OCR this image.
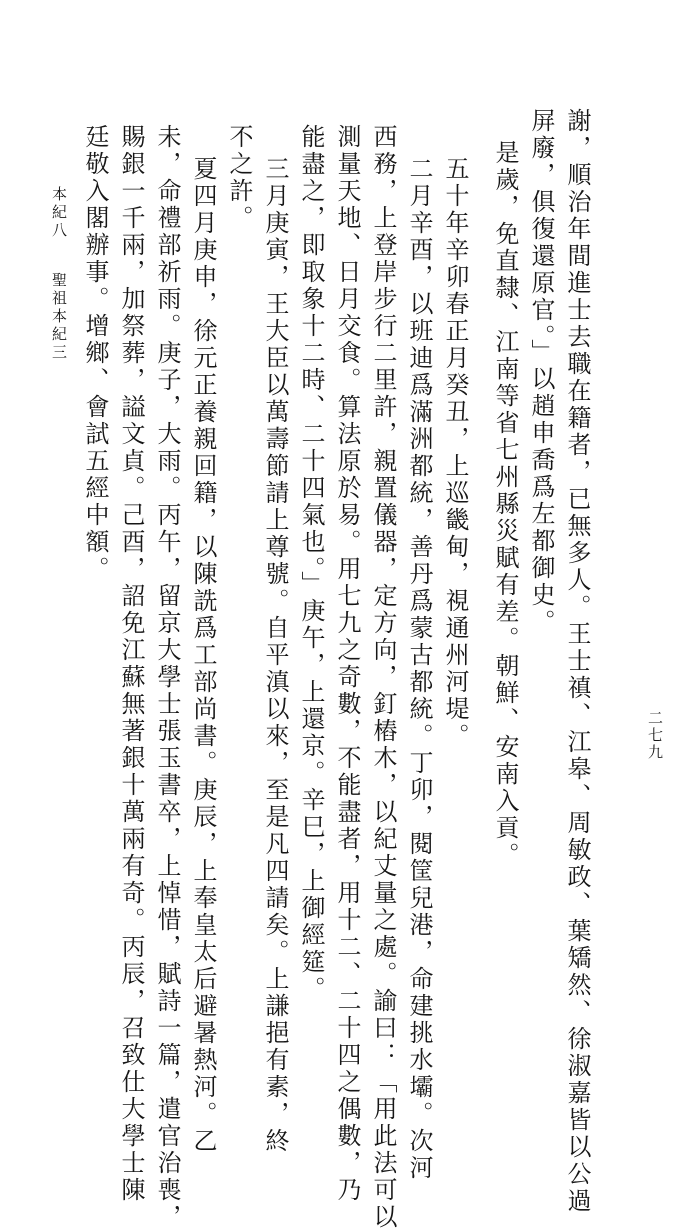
二七九
謝，順治年間進士去職在籍者，已無多人。王士禛、江皋、周敏政、葉矯然、徐淑嘉皆以公過
屏廢，俱復還原官。」以趙申喬爲左都御史。
是歲，免直隸、江南等省七州縣災賦有差。朝鮮、安南入貢。
五十年辛卯春正月癸丑，上巡畿甸，視通州河堤。
二月辛酉，以班迪爲滿洲都統，善丹爲蒙古都統。丁卯，閱筐兒港，命建挑水壩。次河
西務，上登岸步行二里許，親置儀器，定方向，釘樁木，以紀丈量之處。諭曰：「用此法可以
測量天地、日月交食。算法原於易。用七九之奇數，不能盡者，用十二、二十四之偶數，乃
能盡之，即取象十二時、二十四氣也。」庚午，上還京。辛巳，上御經筵。
三月庚寅，王大臣以萬壽節請上尊號。自平滇以來，至是凡四請矣。上謙挹有素，終
不之許。
夏四月庚申，徐元正養親回籍，以陳詵爲工部尚書。庚辰，上奉皇太后避暑熱河。乙
未，命禮部祈雨。庚子，大雨。丙午，留京大學士張玉書卒，上悼惜，賦詩一篇，遣官治喪，
賜銀一千兩，加祭葬，謚文貞。己酉，詔免江蘇無著銀十萬兩有奇。丙辰，召致仕大學士陳
廷敬入閣辦事。增鄉、會試五經中額。
本紀八
聖祖本紀三
